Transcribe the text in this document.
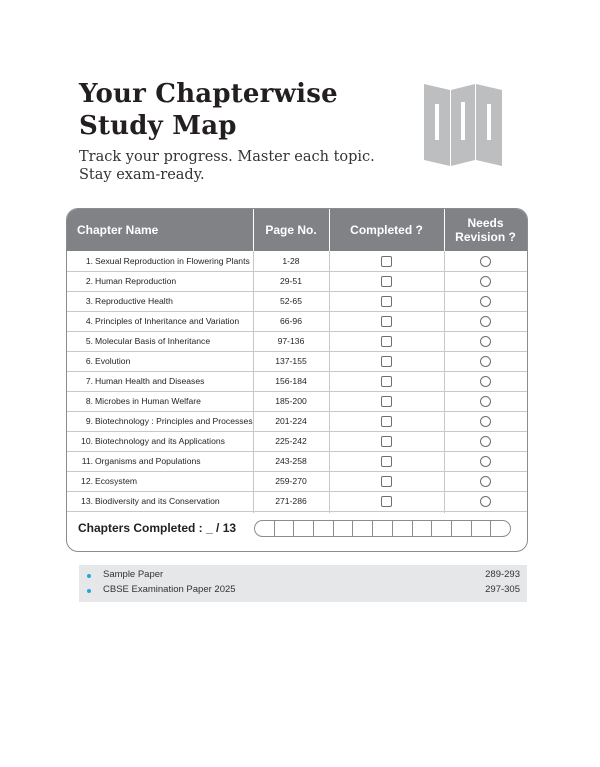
Your Chapterwise
Study Map

Track your progress. Master each topic.
Stay exam-ready.

Chapter Name	Page No.	Completed ?	Needs
Revision ?
1. Sexual Reproduction in Flowering Plants	1-28
2. Human Reproduction	29-51
3. Reproductive Health	52-65
4. Principles of Inheritance and Variation	66-96
5. Molecular Basis of Inheritance	97-136
6. Evolution	137-155
7. Human Health and Diseases	156-184
8. Microbes in Human Welfare	185-200
9. Biotechnology : Principles and Processes	201-224
10. Biotechnology and its Applications	225-242
11. Organisms and Populations	243-258
12. Ecosystem	259-270
13. Biodiversity and its Conservation	271-286
Chapters Completed : _ / 13
Sample Paper	289-293
CBSE Examination Paper 2025	297-305
